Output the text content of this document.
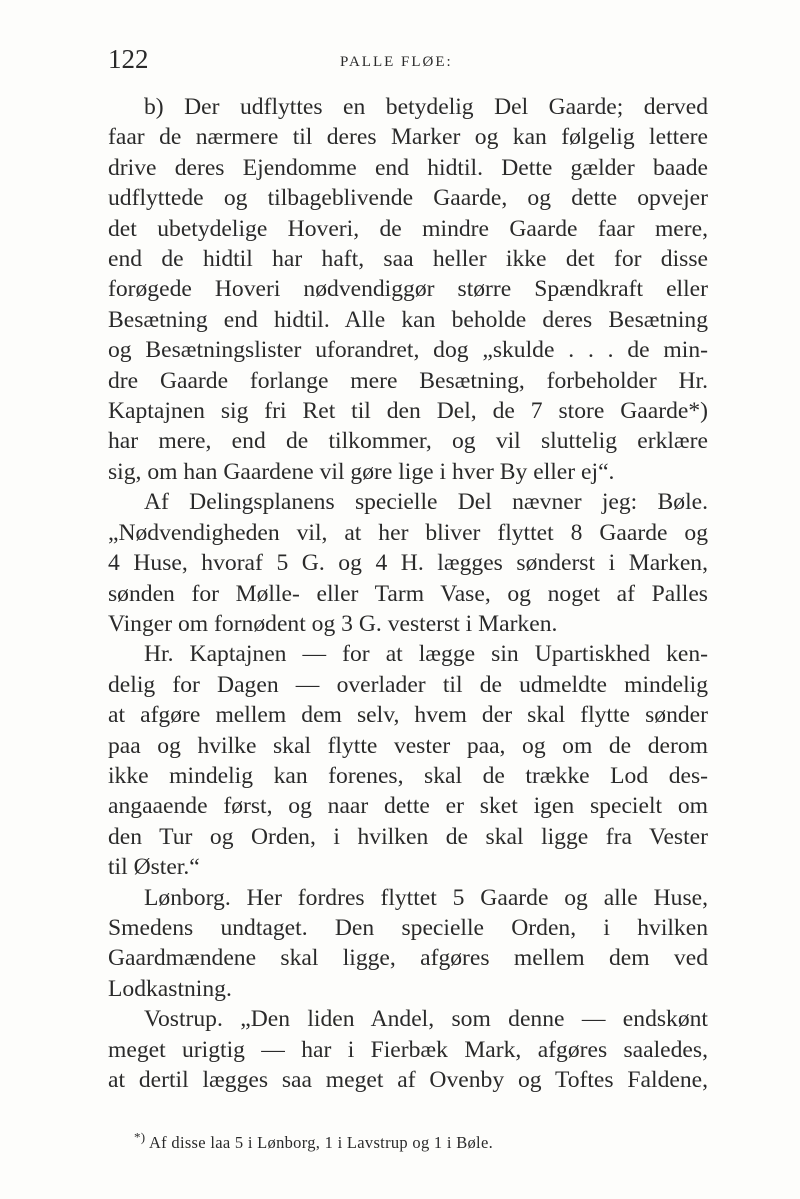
122	PALLE FLØE:
b) Der udflyttes en betydelig Del Gaarde; derved
faar de nærmere til deres Marker og kan følgelig lettere
drive deres Ejendomme end hidtil. Dette gælder baade
udflyttede og tilbageblivende Gaarde, og dette opvejer
det ubetydelige Hoveri, de mindre Gaarde faar mere,
end de hidtil har haft, saa heller ikke det for disse
forøgede Hoveri nødvendiggør større Spændkraft eller
Besætning end hidtil. Alle kan beholde deres Besætning
og Besætningslister uforandret, dog „skulde . . . de min-
dre Gaarde forlange mere Besætning, forbeholder Hr.
Kaptajnen sig fri Ret til den Del, de 7 store Gaarde*)
har mere, end de tilkommer, og vil sluttelig erklære
sig, om han Gaardene vil gøre lige i hver By eller ej“.
Af Delingsplanens specielle Del nævner jeg: Bøle.
„Nødvendigheden vil, at her bliver flyttet 8 Gaarde og
4 Huse, hvoraf 5 G. og 4 H. lægges sønderst i Marken,
sønden for Mølle- eller Tarm Vase, og noget af Palles
Vinger om fornødent og 3 G. vesterst i Marken.
Hr. Kaptajnen — for at lægge sin Upartiskhed ken-
delig for Dagen — overlader til de udmeldte mindelig
at afgøre mellem dem selv, hvem der skal flytte sønder
paa og hvilke skal flytte vester paa, og om de derom
ikke mindelig kan forenes, skal de trække Lod des-
angaaende først, og naar dette er sket igen specielt om
den Tur og Orden, i hvilken de skal ligge fra Vester
til Øster.“
Lønborg. Her fordres flyttet 5 Gaarde og alle Huse,
Smedens undtaget. Den specielle Orden, i hvilken
Gaardmændene skal ligge, afgøres mellem dem ved
Lodkastning.
Vostrup. „Den liden Andel, som denne — endskønt
meget urigtig — har i Fierbæk Mark, afgøres saaledes,
at dertil lægges saa meget af Ovenby og Toftes Faldene,
*) Af disse laa 5 i Lønborg, 1 i Lavstrup og 1 i Bøle.
